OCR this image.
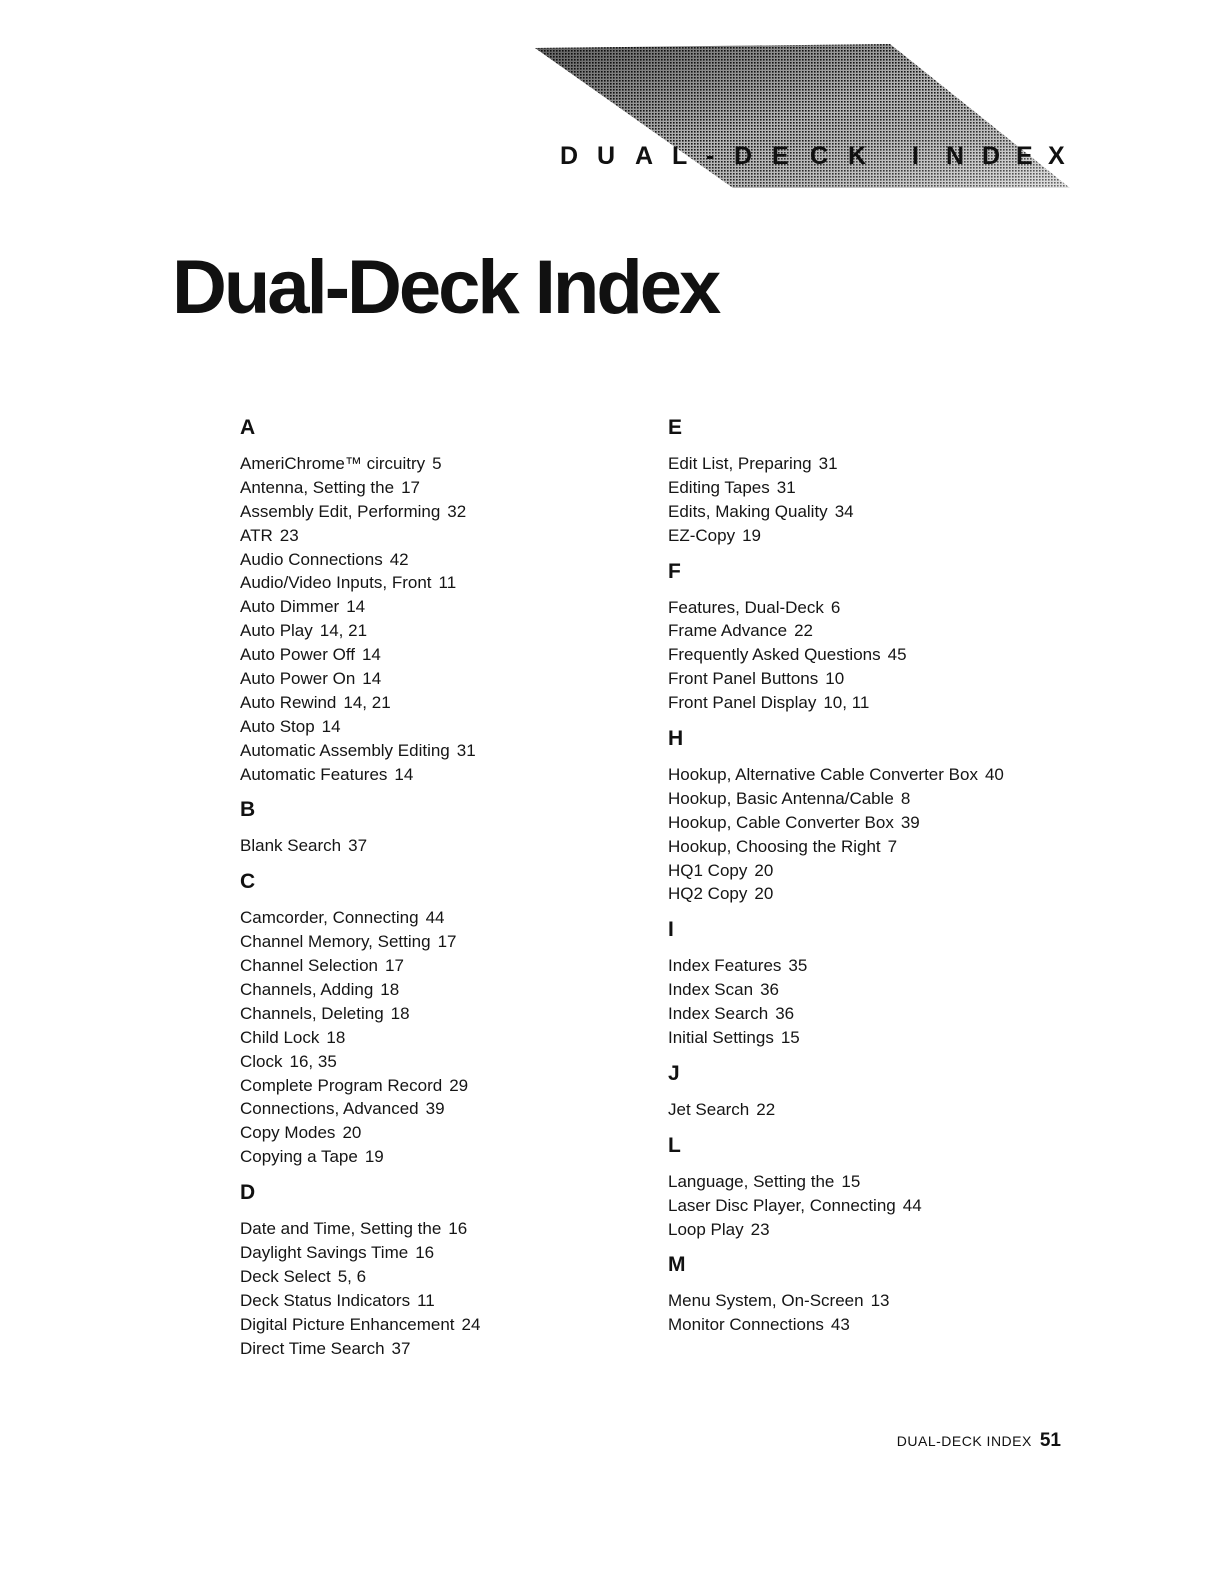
D U A L - D E C K I N D E X
Dual-Deck Index
A
AmeriChrome™ circuitry 5
Antenna, Setting the 17
Assembly Edit, Performing 32
ATR 23
Audio Connections 42
Audio/Video Inputs, Front 11
Auto Dimmer 14
Auto Play 14, 21
Auto Power Off 14
Auto Power On 14
Auto Rewind 14, 21
Auto Stop 14
Automatic Assembly Editing 31
Automatic Features 14
B
Blank Search 37
C
Camcorder, Connecting 44
Channel Memory, Setting 17
Channel Selection 17
Channels, Adding 18
Channels, Deleting 18
Child Lock 18
Clock 16, 35
Complete Program Record 29
Connections, Advanced 39
Copy Modes 20
Copying a Tape 19
D
Date and Time, Setting the 16
Daylight Savings Time 16
Deck Select 5, 6
Deck Status Indicators 11
Digital Picture Enhancement 24
Direct Time Search 37
E
Edit List, Preparing 31
Editing Tapes 31
Edits, Making Quality 34
EZ-Copy 19
F
Features, Dual-Deck 6
Frame Advance 22
Frequently Asked Questions 45
Front Panel Buttons 10
Front Panel Display 10, 11
H
Hookup, Alternative Cable Converter Box 40
Hookup, Basic Antenna/Cable 8
Hookup, Cable Converter Box 39
Hookup, Choosing the Right 7
HQ1 Copy 20
HQ2 Copy 20
I
Index Features 35
Index Scan 36
Index Search 36
Initial Settings 15
J
Jet Search 22
L
Language, Setting the 15
Laser Disc Player, Connecting 44
Loop Play 23
M
Menu System, On-Screen 13
Monitor Connections 43
DUAL-DECK INDEX 51
